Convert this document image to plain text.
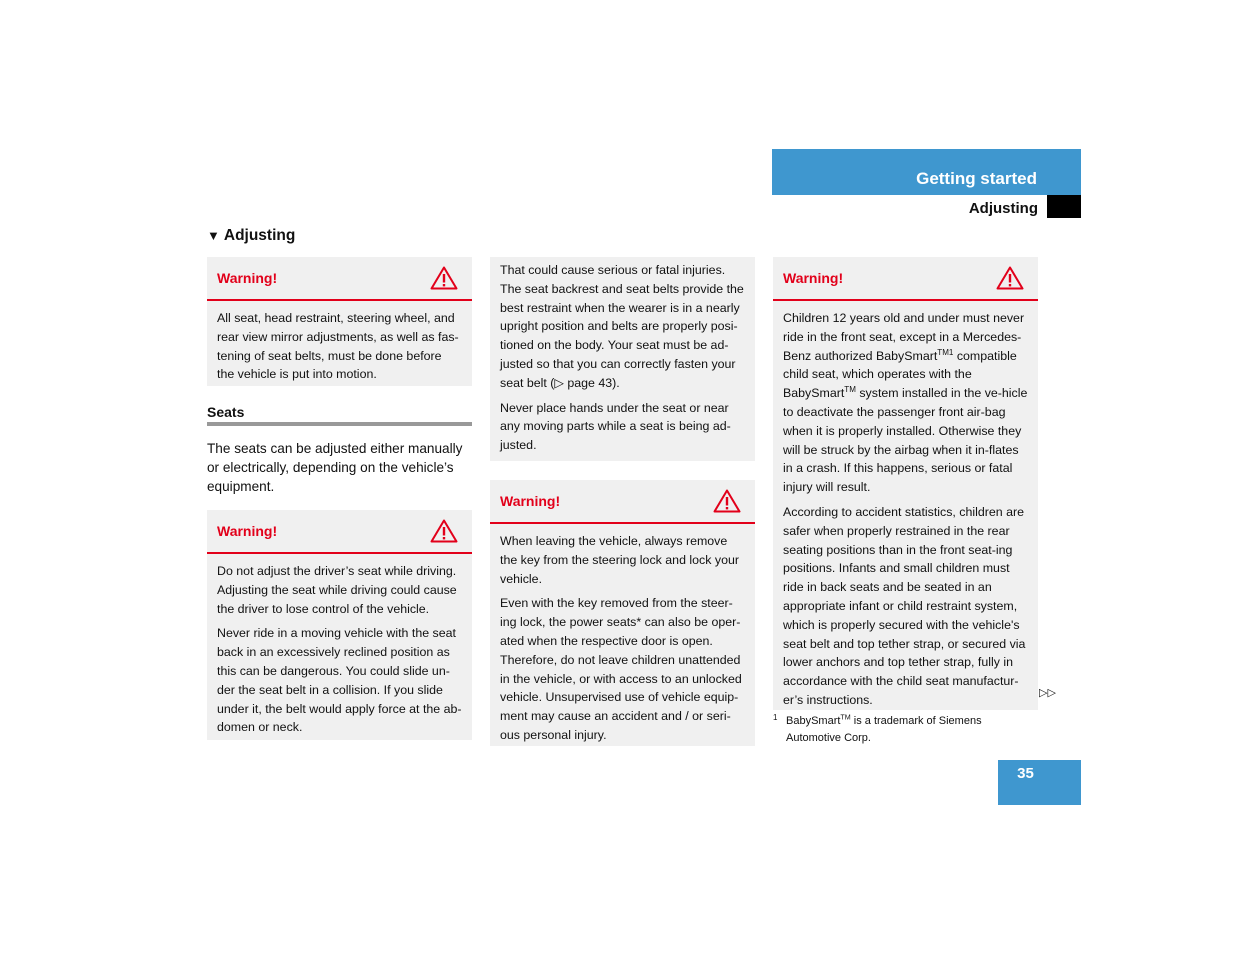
Getting started
Adjusting
▼ Adjusting
Warning!

All seat, head restraint, steering wheel, and rear view mirror adjustments, as well as fas-tening of seat belts, must be done before the vehicle is put into motion.

Seats

The seats can be adjusted either manually or electrically, depending on the vehicle’s equipment.

Warning!

Do not adjust the driver’s seat while driving. Adjusting the seat while driving could cause the driver to lose control of the vehicle.

Never ride in a moving vehicle with the seat back in an excessively reclined position as this can be dangerous. You could slide un-der the seat belt in a collision. If you slide under it, the belt would apply force at the ab-domen or neck.

That could cause serious or fatal injuries. The seat backrest and seat belts provide the best restraint when the wearer is in a nearly upright position and belts are properly posi-tioned on the body. Your seat must be ad-justed so that you can correctly fasten your seat belt (▷ page 43).

Never place hands under the seat or near any moving parts while a seat is being ad-justed.

Warning!

When leaving the vehicle, always remove the key from the steering lock and lock your vehicle.

Even with the key removed from the steer-ing lock, the power seats* can also be oper-ated when the respective door is open. Therefore, do not leave children unattended in the vehicle, or with access to an unlocked vehicle. Unsupervised use of vehicle equip-ment may cause an accident and / or seri-ous personal injury.

Warning!

Children 12 years old and under must never ride in the front seat, except in a Mercedes-Benz authorized BabySmart$^{TM1}$ compatible child seat, which operates with the BabySmart™ system installed in the ve-hicle to deactivate the passenger front air-bag when it is properly installed. Otherwise they will be struck by the airbag when it in-flates in a crash. If this happens, serious or fatal injury will result.

According to accident statistics, children are safer when properly restrained in the rear seating positions than in the front seat-ing positions. Infants and small children must ride in back seats and be seated in an appropriate infant or child restraint system, which is properly secured with the vehicle's seat belt and top tether strap, or secured via lower anchors and top tether strap, fully in accordance with the child seat manufactur-er’s instructions.	▷▷
1 BabySmart™ is a trademark of Siemens Automotive Corp.
35
